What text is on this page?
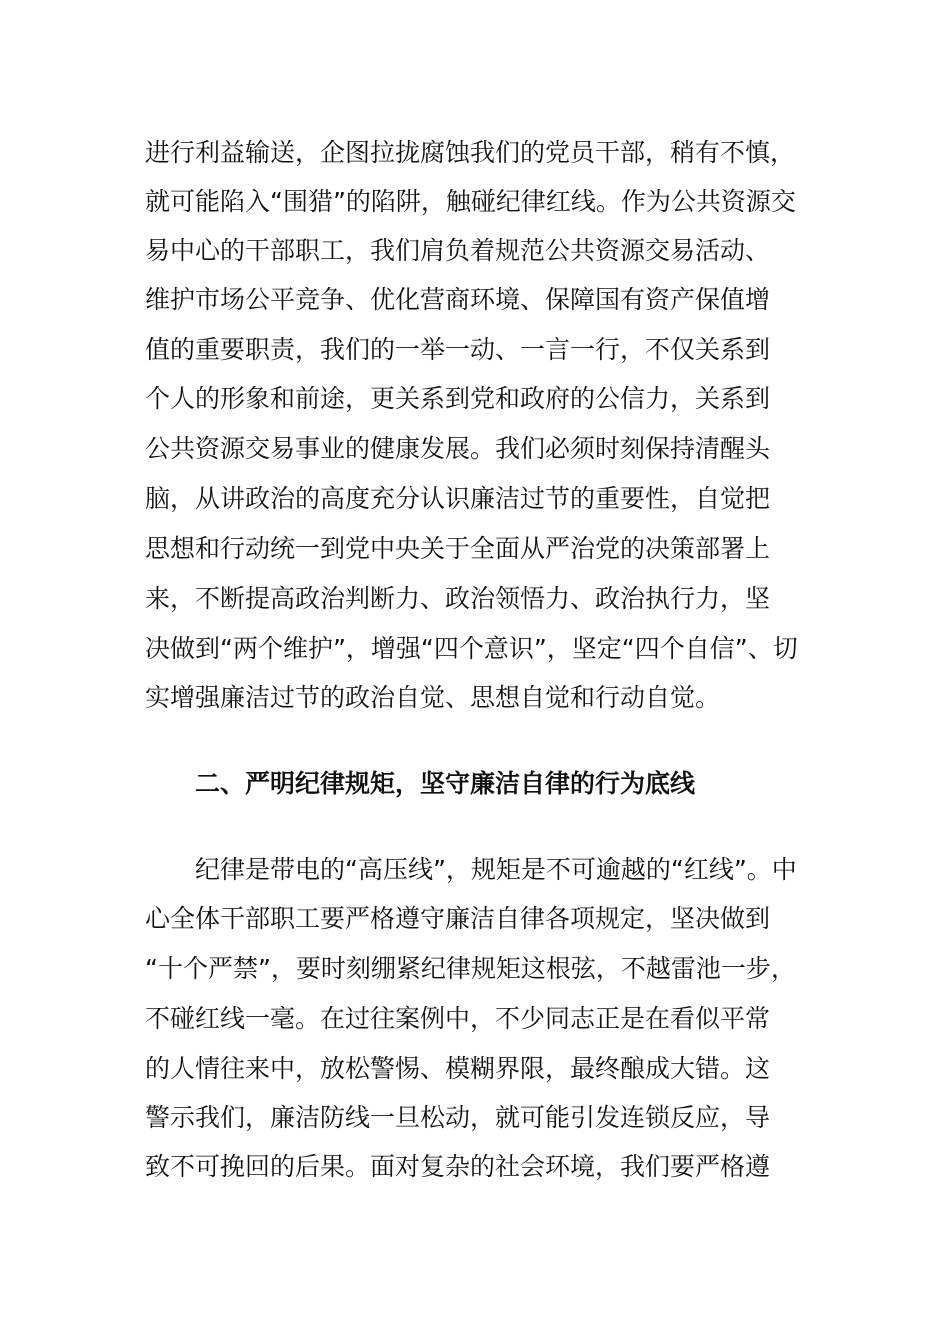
进行利益输送，企图拉拢腐蚀我们的党员干部，稍有不慎，
就可能陷入“围猎”的陷阱，触碰纪律红线。作为公共资源交
易中心的干部职工，我们肩负着规范公共资源交易活动、
维护市场公平竞争、优化营商环境、保障国有资产保值增
值的重要职责，我们的一举一动、一言一行，不仅关系到
个人的形象和前途，更关系到党和政府的公信力，关系到
公共资源交易事业的健康发展。我们必须时刻保持清醒头
脑，从讲政治的高度充分认识廉洁过节的重要性，自觉把
思想和行动统一到党中央关于全面从严治党的决策部署上
来，不断提高政治判断力、政治领悟力、政治执行力，坚
决做到“两个维护”，增强“四个意识”，坚定“四个自信”、切
实增强廉洁过节的政治自觉、思想自觉和行动自觉。
二、严明纪律规矩，坚守廉洁自律的行为底线
纪律是带电的“高压线”，规矩是不可逾越的“红线”。中
心全体干部职工要严格遵守廉洁自律各项规定，坚决做到
“十个严禁”，要时刻绷紧纪律规矩这根弦，不越雷池一步，
不碰红线一毫。在过往案例中，不少同志正是在看似平常
的人情往来中，放松警惕、模糊界限，最终酿成大错。这
警示我们，廉洁防线一旦松动，就可能引发连锁反应，导
致不可挽回的后果。面对复杂的社会环境，我们要严格遵
